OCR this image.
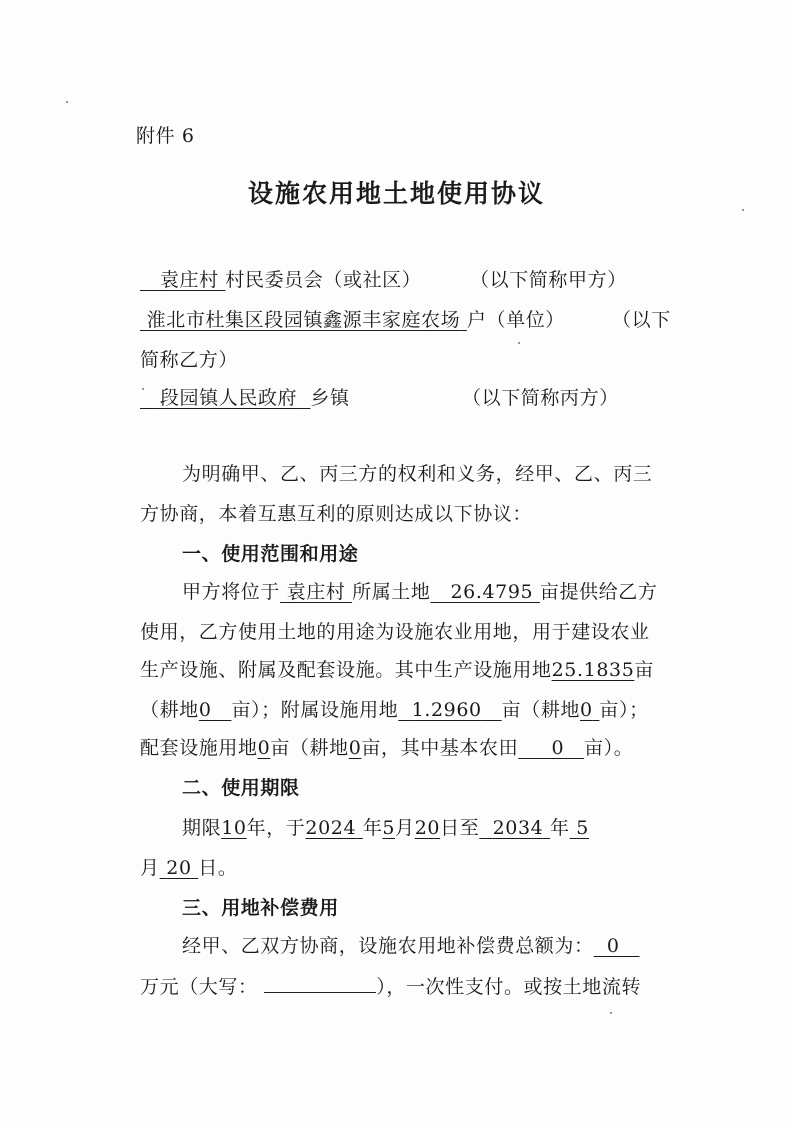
附件 6
设施农用地土地使用协议
袁庄村 村民委员会（或社区）	（以下简称甲方）
淮北市杜集区段园镇鑫源丰家庭农场 户（单位） （以下
简称乙方）
段园镇人民政府 乡镇	（以下简称丙方）
为明确甲、乙、丙三方的权利和义务，经甲、乙、丙三
方协商，本着互惠互利的原则达成以下协议：
一、使用范围和用途
甲方将位于 袁庄村 所属土地 26.4795 亩提供给乙方
使用，乙方使用土地的用途为设施农业用地，用于建设农业
生产设施、附属及配套设施。其中生产设施用地25.1835亩
（耕地0 亩）；附属设施用地 1.2960 亩（耕地0 亩）；
配套设施用地0亩（耕地0亩，其中基本农田 0 亩）。
二、使用期限
期限10年，于2024 年5月20日至 2034 年 5
月 20 日。
三、用地补偿费用
经甲、乙双方协商，设施农用地补偿费总额为： 0
万元（大写：	），一次性支付。或按土地流转
